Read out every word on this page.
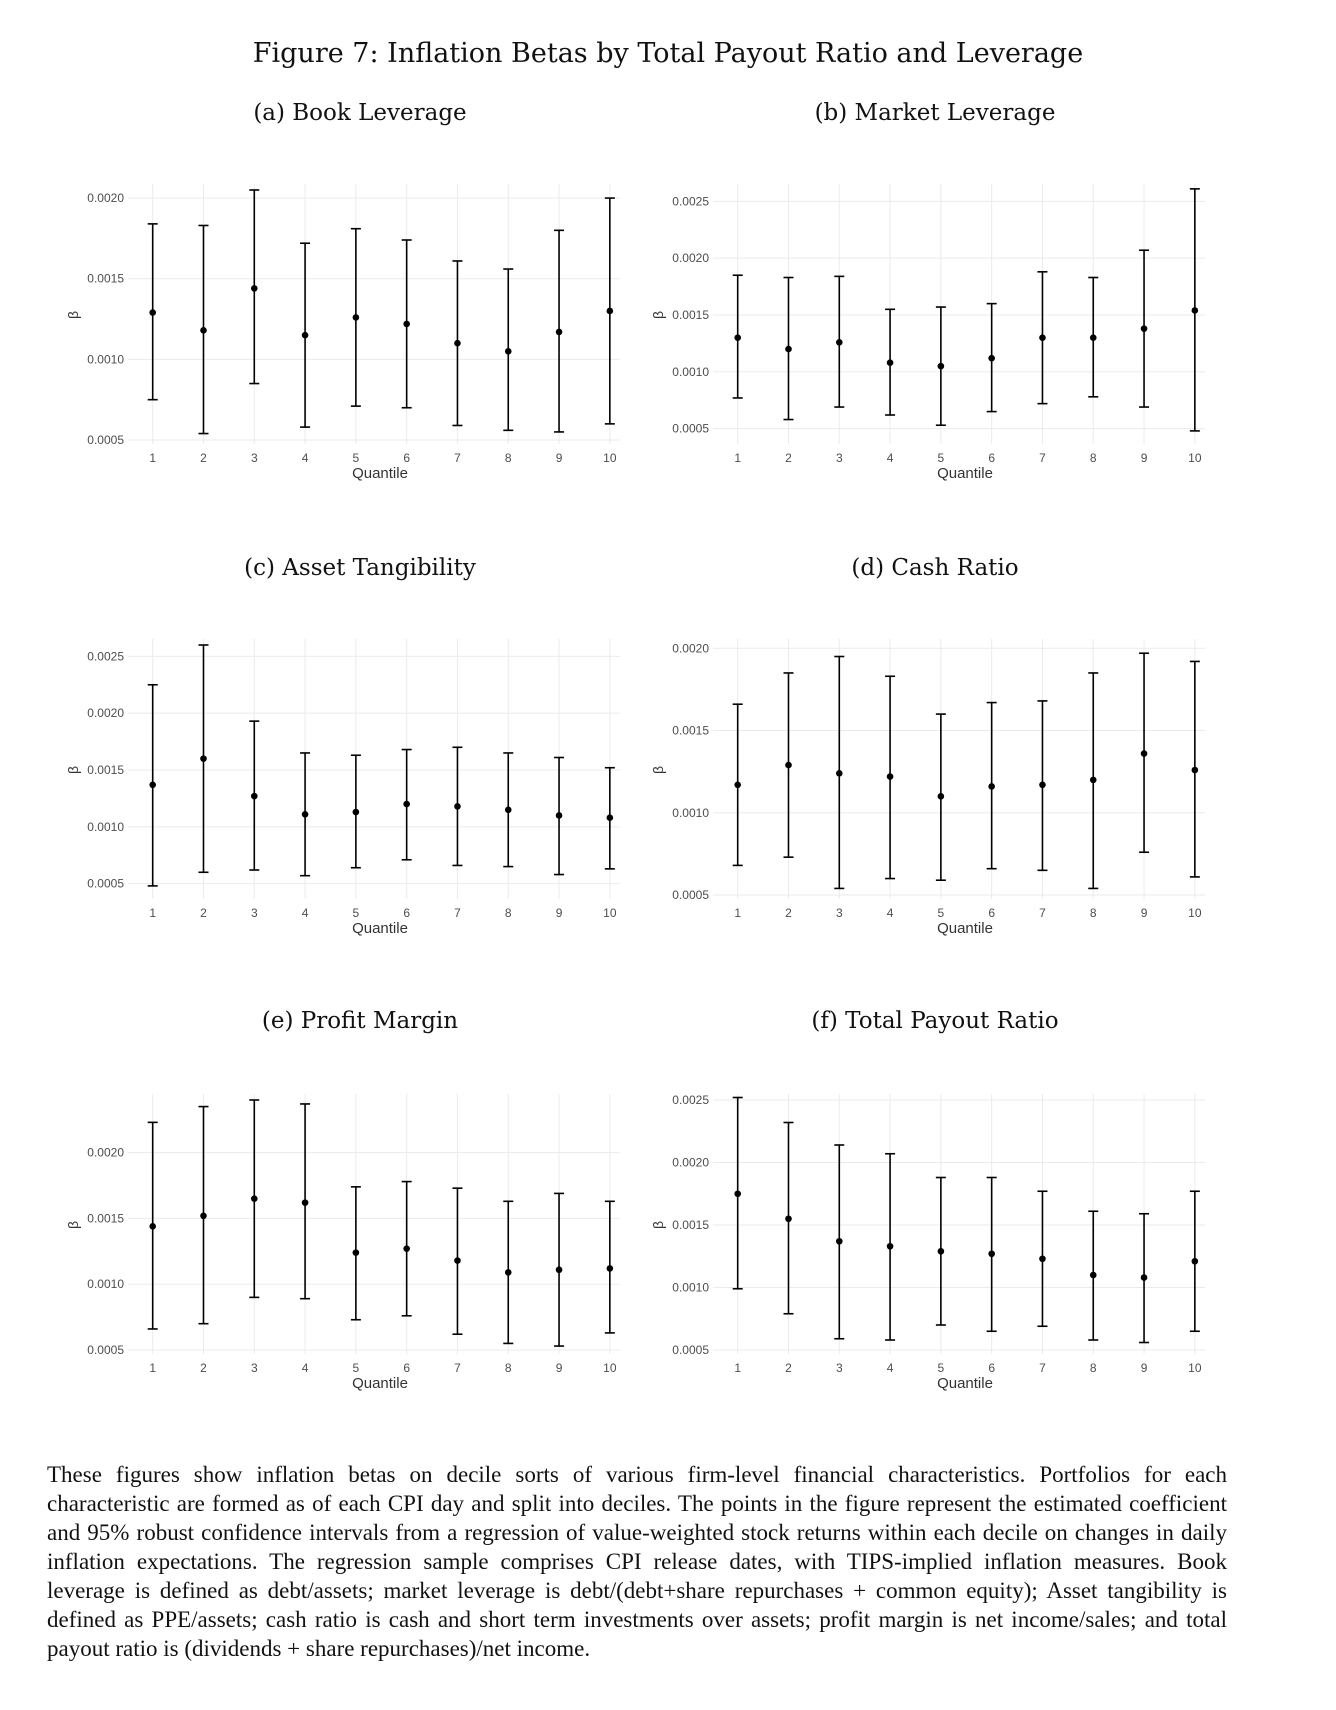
Figure 7: Inflation Betas by Total Payout Ratio and Leverage
(a) Book Leverage	(b) Market Leverage
(c) Asset Tangibility	(d) Cash Ratio
(e) Profit Margin	(f) Total Payout Ratio
0.0005
0.0010
0.0015
0.0020
1	2	3	4	5	6	7	8	9	10
Quantile
β
0.0005
0.0010
0.0015
0.0020
0.0025
1	2	3	4	5	6	7	8	9	10
Quantile
β
0.0005
0.0010
0.0015
0.0020
0.0025
1	2	3	4	5	6	7	8	9	10
Quantile
β
0.0005
0.0010
0.0015
0.0020
1	2	3	4	5	6	7	8	9	10
Quantile
β
0.0005
0.0010
0.0015
0.0020
1	2	3	4	5	6	7	8	9	10
Quantile
β
0.0005
0.0010
0.0015
0.0020
0.0025
1	2	3	4	5	6	7	8	9	10
Quantile
β

These figures show inflation betas on decile sorts of various firm-level financial characteristics. Portfolios for each characteristic are formed as of each CPI day and split into deciles. The points in the figure represent the estimated coefficient and 95% robust confidence intervals from a regression of value-weighted stock returns within each decile on changes in daily inflation expectations. The regression sample comprises CPI release dates, with TIPS-implied inflation measures. Book leverage is defined as debt/assets; market leverage is debt/(debt+share repurchases + common equity); Asset tangibility is defined as PPE/assets; cash ratio is cash and short term investments over assets; profit margin is net income/sales; and total payout ratio is (dividends + share repurchases)/net income.
